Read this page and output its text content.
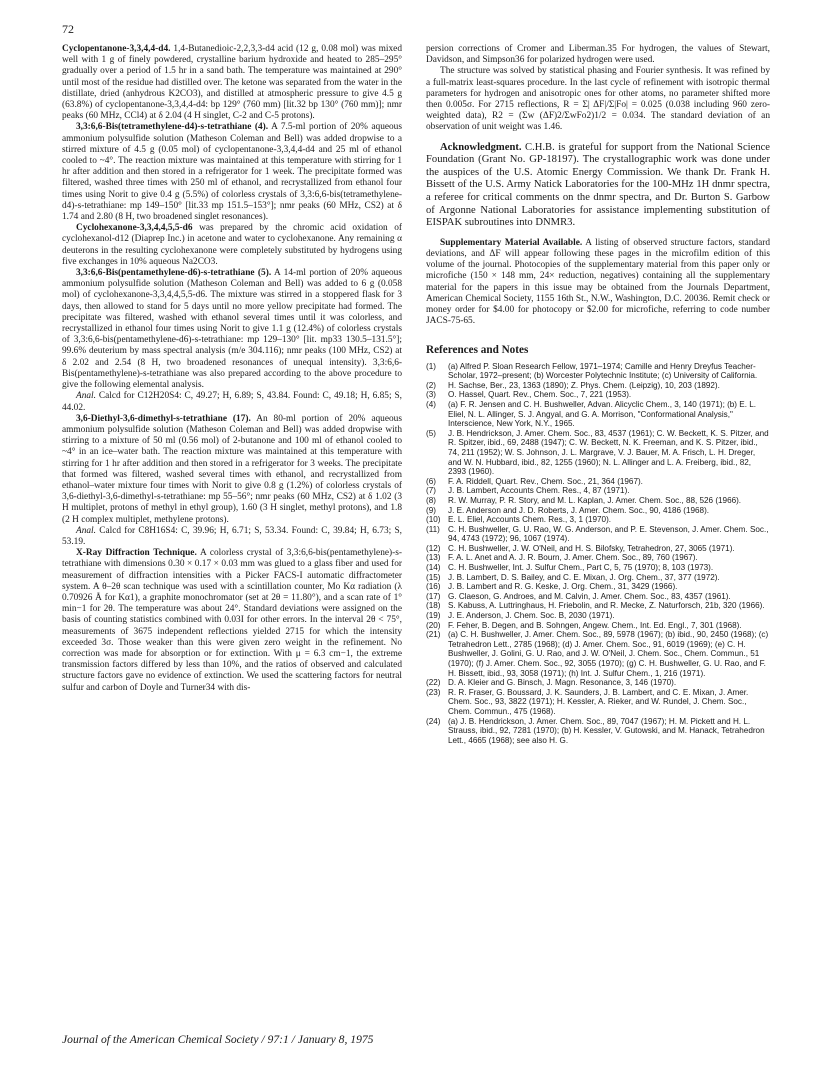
72

Cyclopentanone-3,3,4,4-d4. 1,4-Butanedioic-2,2,3,3-d4 acid (12 g, 0.08 mol) was mixed well with 1 g of finely powdered, crystalline barium hydroxide and heated to 285–295° gradually over a period of 1.5 hr in a sand bath. The temperature was maintained at 290° until most of the residue had distilled over. The ketone was separated from the water in the distillate, dried (anhydrous K2CO3), and distilled at atmospheric pressure to give 4.5 g (63.8%) of cyclopentanone-3,3,4,4-d4: bp 129° (760 mm) [lit.32 bp 130° (760 mm)]; nmr peaks (60 MHz, CCl4) at δ 2.04 (4 H singlet, C-2 and C-5 protons).

3,3:6,6-Bis(tetramethylene-d4)-s-tetrathiane (4). A 7.5-ml portion of 20% aqueous ammonium polysulfide solution (Matheson Coleman and Bell) was added dropwise to a stirred mixture of 4.5 g (0.05 mol) of cyclopentanone-3,3,4,4-d4 and 25 ml of ethanol cooled to ~4°. The reaction mixture was maintained at this temperature with stirring for 1 hr after addition and then stored in a refrigerator for 1 week. The precipitate formed was filtered, washed three times with 250 ml of ethanol, and recrystallized from ethanol four times using Norit to give 0.4 g (5.5%) of colorless crystals of 3,3:6,6-bis(tetramethylene-d4)-s-tetrathiane: mp 149–150° [lit.33 mp 151.5–153°]; nmr peaks (60 MHz, CS2) at δ 1.74 and 2.80 (8 H, two broadened singlet resonances).

Cyclohexanone-3,3,4,4,5,5-d6 was prepared by the chromic acid oxidation of cyclohexanol-d12 (Diaprep Inc.) in acetone and water to cyclohexanone. Any remaining α deuterons in the resulting cyclohexanone were completely substituted by hydrogens using five exchanges in 10% aqueous Na2CO3.

3,3:6,6-Bis(pentamethylene-d6)-s-tetrathiane (5). A 14-ml portion of 20% aqueous ammonium polysulfide solution (Matheson Coleman and Bell) was added to 6 g (0.058 mol) of cyclohexanone-3,3,4,4,5,5-d6. The mixture was stirred in a stoppered flask for 3 days, then allowed to stand for 5 days until no more yellow precipitate had formed. The precipitate was filtered, washed with ethanol several times until it was colorless, and recrystallized in ethanol four times using Norit to give 1.1 g (12.4%) of colorless crystals of 3,3:6,6-bis(pentamethylene-d6)-s-tetrathiane: mp 129–130° [lit. mp33 130.5–131.5°]; 99.6% deuterium by mass spectral analysis (m/e 304.116); nmr peaks (100 MHz, CS2) at δ 2.02 and 2.54 (8 H, two broadened resonances of unequal intensity). 3,3:6,6-Bis(pentamethylene)-s-tetrathiane was also prepared according to the above procedure to give the following elemental analysis.

Anal. Calcd for C12H20S4: C, 49.27; H, 6.89; S, 43.84. Found: C, 49.18; H, 6.85; S, 44.02.

3,6-Diethyl-3,6-dimethyl-s-tetrathiane (17). An 80-ml portion of 20% aqueous ammonium polysulfide solution (Matheson Coleman and Bell) was added dropwise with stirring to a mixture of 50 ml (0.56 mol) of 2-butanone and 100 ml of ethanol cooled to ~4° in an ice–water bath. The reaction mixture was maintained at this temperature with stirring for 1 hr after addition and then stored in a refrigerator for 3 weeks. The precipitate that formed was filtered, washed several times with ethanol, and recrystallized from ethanol–water mixture four times with Norit to give 0.8 g (1.2%) of colorless crystals of 3,6-diethyl-3,6-dimethyl-s-tetrathiane: mp 55–56°; nmr peaks (60 MHz, CS2) at δ 1.02 (3 H multiplet, protons of methyl in ethyl group), 1.60 (3 H singlet, methyl protons), and 1.8 (2 H complex multiplet, methylene protons).

Anal. Calcd for C8H16S4: C, 39.96; H, 6.71; S, 53.34. Found: C, 39.84; H, 6.73; S, 53.19.

X-Ray Diffraction Technique. A colorless crystal of 3,3:6,6-bis(pentamethylene)-s-tetrathiane with dimensions 0.30 × 0.17 × 0.03 mm was glued to a glass fiber and used for measurement of diffraction intensities with a Picker FACS-I automatic diffractometer system. A θ–2θ scan technique was used with a scintillation counter, Mo Kα radiation (λ 0.70926 Å for Kα1), a graphite monochromator (set at 2θ = 11.80°), and a scan rate of 1° min−1 for 2θ. The temperature was about 24°. Standard deviations were assigned on the basis of counting statistics combined with 0.03I for other errors. In the interval 2θ < 75°, measurements of 3675 independent reflections yielded 2715 for which the intensity exceeded 3σ. Those weaker than this were given zero weight in the refinement. No correction was made for absorption or for extinction. With μ = 6.3 cm−1, the extreme transmission factors differed by less than 10%, and the ratios of observed and calculated structure factors gave no evidence of extinction. We used the scattering factors for neutral sulfur and carbon of Doyle and Turner34 with dis-

persion corrections of Cromer and Liberman.35 For hydrogen, the values of Stewart, Davidson, and Simpson36 for polarized hydrogen were used.

The structure was solved by statistical phasing and Fourier synthesis. It was refined by a full-matrix least-squares procedure. In the last cycle of refinement with isotropic thermal parameters for hydrogen and anisotropic ones for other atoms, no parameter shifted more then 0.005σ. For 2715 reflections, R = Σ| ΔF|/Σ|Fo| = 0.025 (0.038 including 960 zero-weighted data), R2 = (Σw (ΔF)2/ΣwFo2)1/2 = 0.034. The standard deviation of an observation of unit weight was 1.46.

Acknowledgment. C.H.B. is grateful for support from the National Science Foundation (Grant No. GP-18197). The crystallographic work was done under the auspices of the U.S. Atomic Energy Commission. We thank Dr. Frank H. Bissett of the U.S. Army Natick Laboratories for the 100-MHz 1H dnmr spectra, a referee for critical comments on the dnmr spectra, and Dr. Burton S. Garbow of Argonne National Laboratories for assistance implementing substitution of EISPAK subroutines into DNMR3.

Supplementary Material Available. A listing of observed structure factors, standard deviations, and ΔF will appear following these pages in the microfilm edition of this volume of the journal. Photocopies of the supplementary material from this paper only or microfiche (150 × 148 mm, 24× reduction, negatives) containing all the supplementary material for the papers in this issue may be obtained from the Journals Department, American Chemical Society, 1155 16th St., N.W., Washington, D.C. 20036. Remit check or money order for $4.00 for photocopy or $2.00 for microfiche, referring to code number JACS-75-65.

References and Notes
(1)	(a) Alfred P. Sloan Research Fellow, 1971–1974; Camille and Henry Dreyfus Teacher-Scholar, 1972–present; (b) Worcester Polytechnic Institute; (c) University of California.
(2)	H. Sachse, Ber., 23, 1363 (1890); Z. Phys. Chem. (Leipzig), 10, 203 (1892).
(3)	O. Hassel, Quart. Rev., Chem. Soc., 7, 221 (1953).
(4)	(a) F. R. Jensen and C. H. Bushweller, Advan. Alicyclic Chem., 3, 140 (1971); (b) E. L. Eliel, N. L. Allinger, S. J. Angyal, and G. A. Morrison, "Conformational Analysis," Interscience, New York, N.Y., 1965.
(5)	J. B. Hendrickson, J. Amer. Chem. Soc., 83, 4537 (1961); C. W. Beckett, K. S. Pitzer, and R. Spitzer, ibid., 69, 2488 (1947); C. W. Beckett, N. K. Freeman, and K. S. Pitzer, ibid., 74, 211 (1952); W. S. Johnson, J. L. Margrave, V. J. Bauer, M. A. Frisch, L. H. Dreger, and W. N. Hubbard, ibid., 82, 1255 (1960); N. L. Allinger and L. A. Freiberg, ibid., 82, 2393 (1960).
(6)	F. A. Riddell, Quart. Rev., Chem. Soc., 21, 364 (1967).
(7)	J. B. Lambert, Accounts Chem. Res., 4, 87 (1971).
(8)	R. W. Murray, P. R. Story, and M. L. Kaplan, J. Amer. Chem. Soc., 88, 526 (1966).
(9)	J. E. Anderson and J. D. Roberts, J. Amer. Chem. Soc., 90, 4186 (1968).
(10) E. L. Eliel, Accounts Chem. Res., 3, 1 (1970).
(11) C. H. Bushweller, G. U. Rao, W. G. Anderson, and P. E. Stevenson, J. Amer. Chem. Soc., 94, 4743 (1972); 96, 1067 (1974).
(12) C. H. Bushweller, J. W. O'Neil, and H. S. Bilofsky, Tetrahedron, 27, 3065 (1971).
(13) F. A. L. Anet and A. J. R. Bourn, J. Amer. Chem. Soc., 89, 760 (1967).
(14) C. H. Bushweller, Int. J. Sulfur Chem., Part C, 5, 75 (1970); 8, 103 (1973).
(15) J. B. Lambert, D. S. Bailey, and C. E. Mixan, J. Org. Chem., 37, 377 (1972).
(16) J. B. Lambert and R. G. Keske, J. Org. Chem., 31, 3429 (1966).
(17) G. Claeson, G. Androes, and M. Calvin, J. Amer. Chem. Soc., 83, 4357 (1961).
(18) S. Kabuss, A. Luttringhaus, H. Friebolin, and R. Mecke, Z. Naturforsch, 21b, 320 (1966).
(19) J. E. Anderson, J. Chem. Soc. B, 2030 (1971).
(20) F. Feher, B. Degen, and B. Sohngen, Angew. Chem., Int. Ed. Engl., 7, 301 (1968).
(21) (a) C. H. Bushweller, J. Amer. Chem. Soc., 89, 5978 (1967); (b) ibid., 90, 2450 (1968); (c) Tetrahedron Lett., 2785 (1968); (d) J. Amer. Chem. Soc., 91, 6019 (1969); (e) C. H. Bushweller, J. Golini, G. U. Rao, and J. W. O'Neil, J. Chem. Soc., Chem. Commun., 51 (1970); (f) J. Amer. Chem. Soc., 92, 3055 (1970); (g) C. H. Bushweller, G. U. Rao, and F. H. Bissett, ibid., 93, 3058 (1971); (h) Int. J. Sulfur Chem., 1, 216 (1971).
(22) D. A. Kleier and G. Binsch, J. Magn. Resonance, 3, 146 (1970).
(23) R. R. Fraser, G. Boussard, J. K. Saunders, J. B. Lambert, and C. E. Mixan, J. Amer. Chem. Soc., 93, 3822 (1971); H. Kessler, A. Rieker, and W. Rundel, J. Chem. Soc., Chem. Commun., 475 (1968).
(24) (a) J. B. Hendrickson, J. Amer. Chem. Soc., 89, 7047 (1967); H. M. Pickett and H. L. Strauss, ibid., 92, 7281 (1970); (b) H. Kessler, V. Gutowski, and M. Hanack, Tetrahedron Lett., 4665 (1968); see also H. G.
Journal of the American Chemical Society / 97:1 / January 8, 1975
